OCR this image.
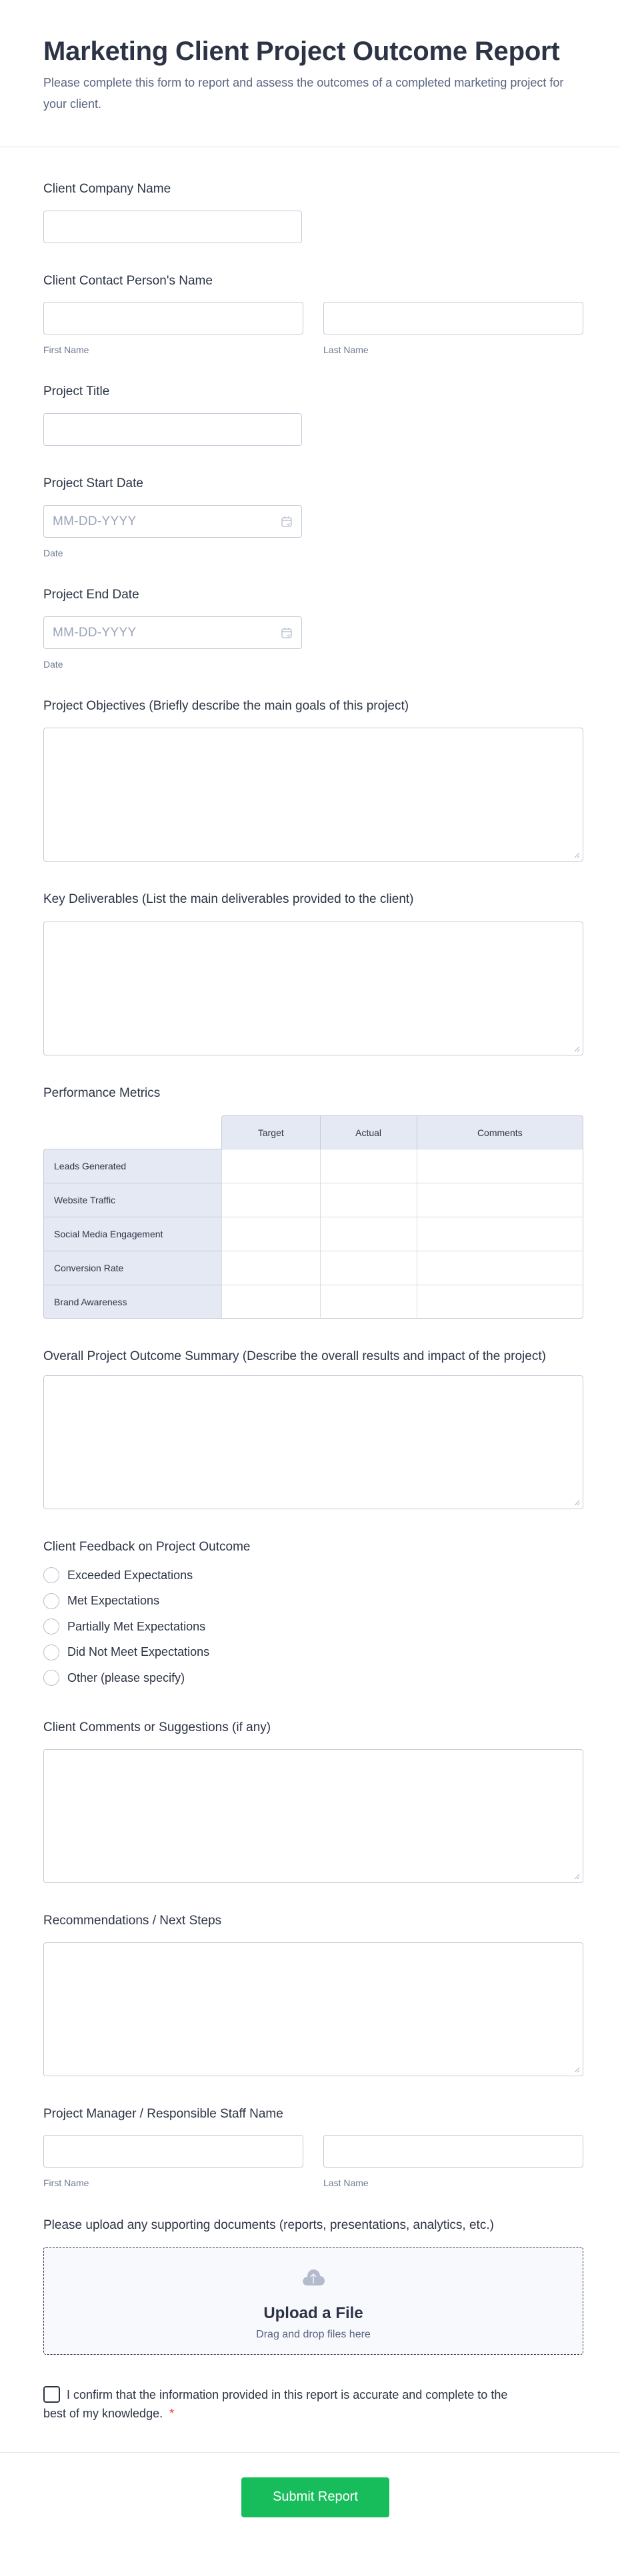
Marketing Client Project Outcome Report

Please complete this form to report and assess the outcomes of a completed marketing project for your client.

Client Company Name
Client Contact Person's Name
First Name	Last Name
Project Title
Project Start Date
MM-DD-YYYY
Date
Project End Date
MM-DD-YYYY
Date
Project Objectives (Briefly describe the main goals of this project)
Key Deliverables (List the main deliverables provided to the client)
Performance Metrics
	Target	Actual	Comments
Leads Generated			
Website Traffic			
Social Media Engagement			
Conversion Rate			
Brand Awareness			
Overall Project Outcome Summary (Describe the overall results and impact of the project)
Client Feedback on Project Outcome
Exceeded Expectations
Met Expectations
Partially Met Expectations
Did Not Meet Expectations
Other (please specify)
Client Comments or Suggestions (if any)
Recommendations / Next Steps
Project Manager / Responsible Staff Name
First Name	Last Name
Please upload any supporting documents (reports, presentations, analytics, etc.)
Upload a File
Drag and drop files here
I confirm that the information provided in this report is accurate and complete to the best of my knowledge. *
Submit Report
